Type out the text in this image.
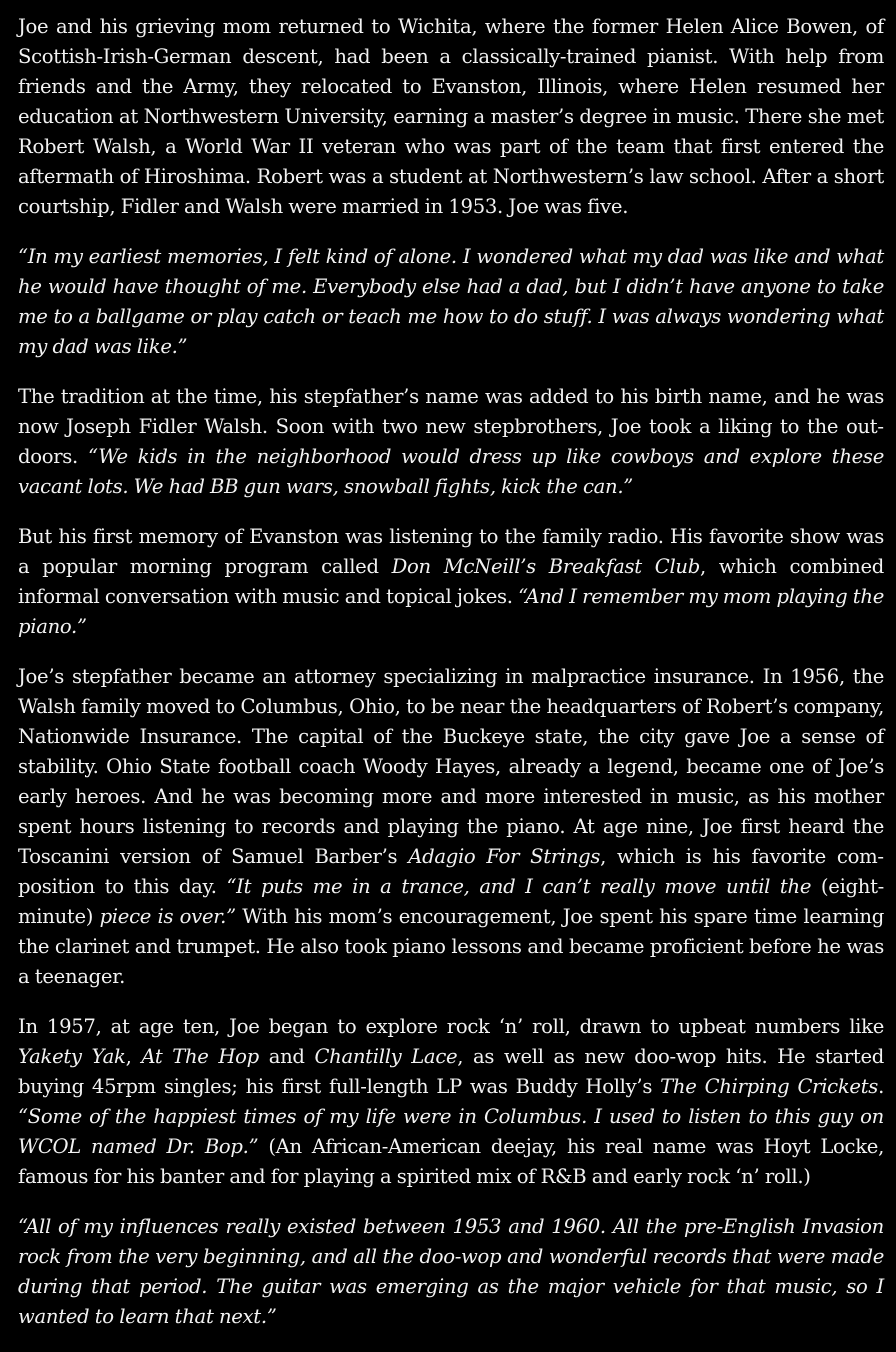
Joe and his grieving mom returned to Wichita, where the former Helen Alice Bowen, of Scottish-Irish-German descent, had been a classically-trained pianist. With help from friends and the Army, they relocated to Evanston, Illinois, where Helen resumed her education at Northwestern University, earning a master’s degree in music. There she met Robert Walsh, a World War II veteran who was part of the team that first entered the aftermath of Hiroshima. Robert was a student at Northwestern’s law school. After a short courtship, Fidler and Walsh were married in 1953. Joe was five.

“In my earliest memories, I felt kind of alone. I wondered what my dad was like and what he would have thought of me. Everybody else had a dad, but I didn’t have anyone to take me to a ballgame or play catch or teach me how to do stuff. I was always wondering what my dad was like.”

The tradition at the time, his stepfather’s name was added to his birth name, and he was now Joseph Fidler Walsh. Soon with two new stepbrothers, Joe took a liking to the outdoors. “We kids in the neighborhood would dress up like cowboys and explore these vacant lots. We had BB gun wars, snowball fights, kick the can.”

But his first memory of Evanston was listening to the family radio. His favorite show was a popular morning program called Don McNeill’s Breakfast Club, which combined informal conversation with music and topical jokes. “And I remember my mom playing the piano.”

Joe’s stepfather became an attorney specializing in malpractice insurance. In 1956, the Walsh family moved to Columbus, Ohio, to be near the headquarters of Robert’s company, Nationwide Insurance. The capital of the Buckeye state, the city gave Joe a sense of stability. Ohio State football coach Woody Hayes, already a legend, became one of Joe’s early heroes. And he was becoming more and more interested in music, as his mother spent hours listening to records and playing the piano. At age nine, Joe first heard the Toscanini version of Samuel Barber’s Adagio For Strings, which is his favorite composition to this day. “It puts me in a trance, and I can’t really move until the (eight-minute) piece is over.” With his mom’s encouragement, Joe spent his spare time learning the clarinet and trumpet. He also took piano lessons and became proficient before he was a teenager.

In 1957, at age ten, Joe began to explore rock ‘n’ roll, drawn to upbeat numbers like Yakety Yak, At The Hop and Chantilly Lace, as well as new doo-wop hits. He started buying 45rpm singles; his first full-length LP was Buddy Holly’s The Chirping Crickets. “Some of the happiest times of my life were in Columbus. I used to listen to this guy on WCOL named Dr. Bop.” (An African-American deejay, his real name was Hoyt Locke, famous for his banter and for playing a spirited mix of R&B and early rock ‘n’ roll.)

“All of my influences really existed between 1953 and 1960. All the pre-English Invasion rock from the very beginning, and all the doo-wop and wonderful records that were made during that period. The guitar was emerging as the major vehicle for that music, so I wanted to learn that next.”
